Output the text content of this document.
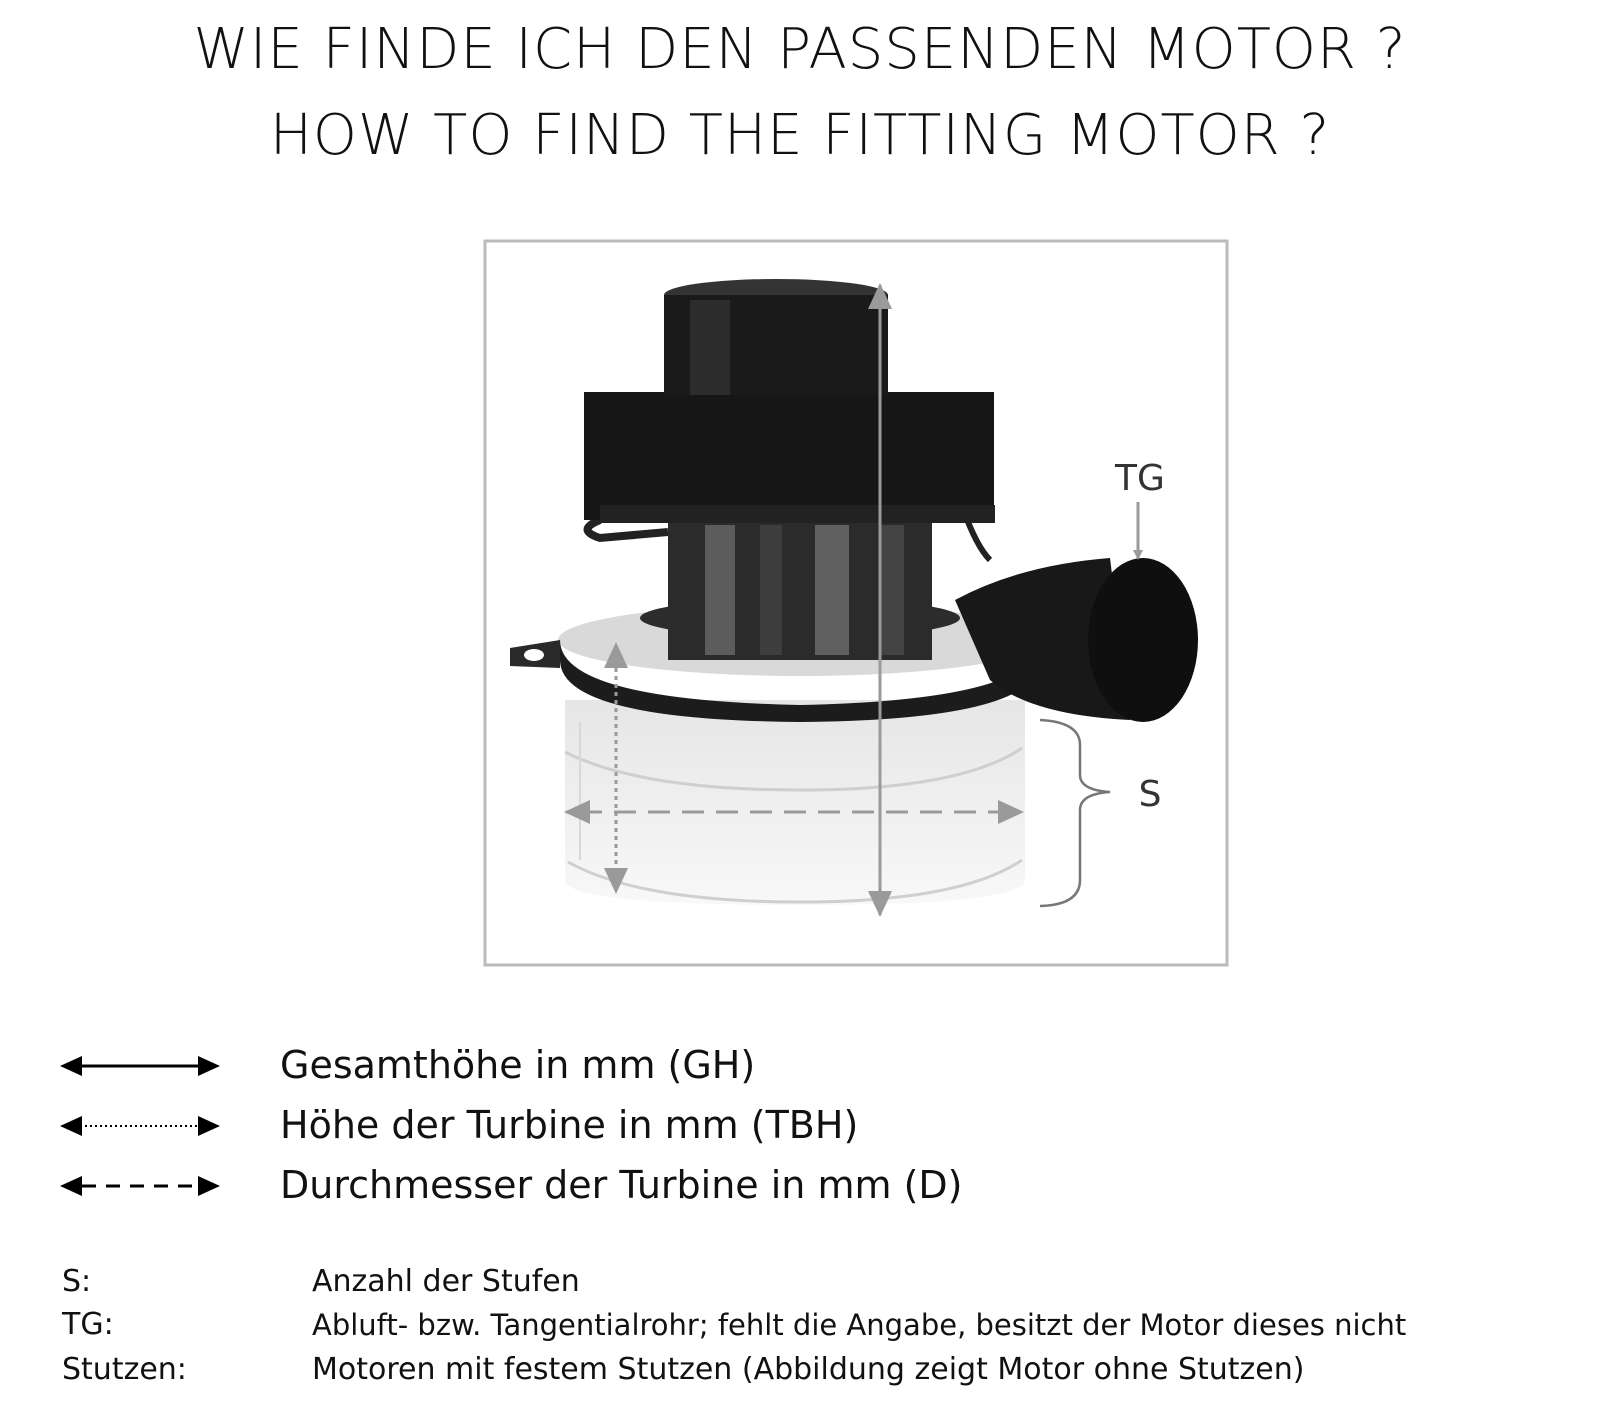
WIE FINDE ICH DEN PASSENDEN MOTOR ?
HOW TO FIND THE FITTING MOTOR ?
TG
S
Gesamthöhe in mm (GH)
Höhe der Turbine in mm (TBH)
Durchmesser der Turbine in mm (D)
S:	Anzahl der Stufen
TG:	Abluft- bzw. Tangentialrohr; fehlt die Angabe, besitzt der Motor dieses nicht
Stutzen:	Motoren mit festem Stutzen (Abbildung zeigt Motor ohne Stutzen)
